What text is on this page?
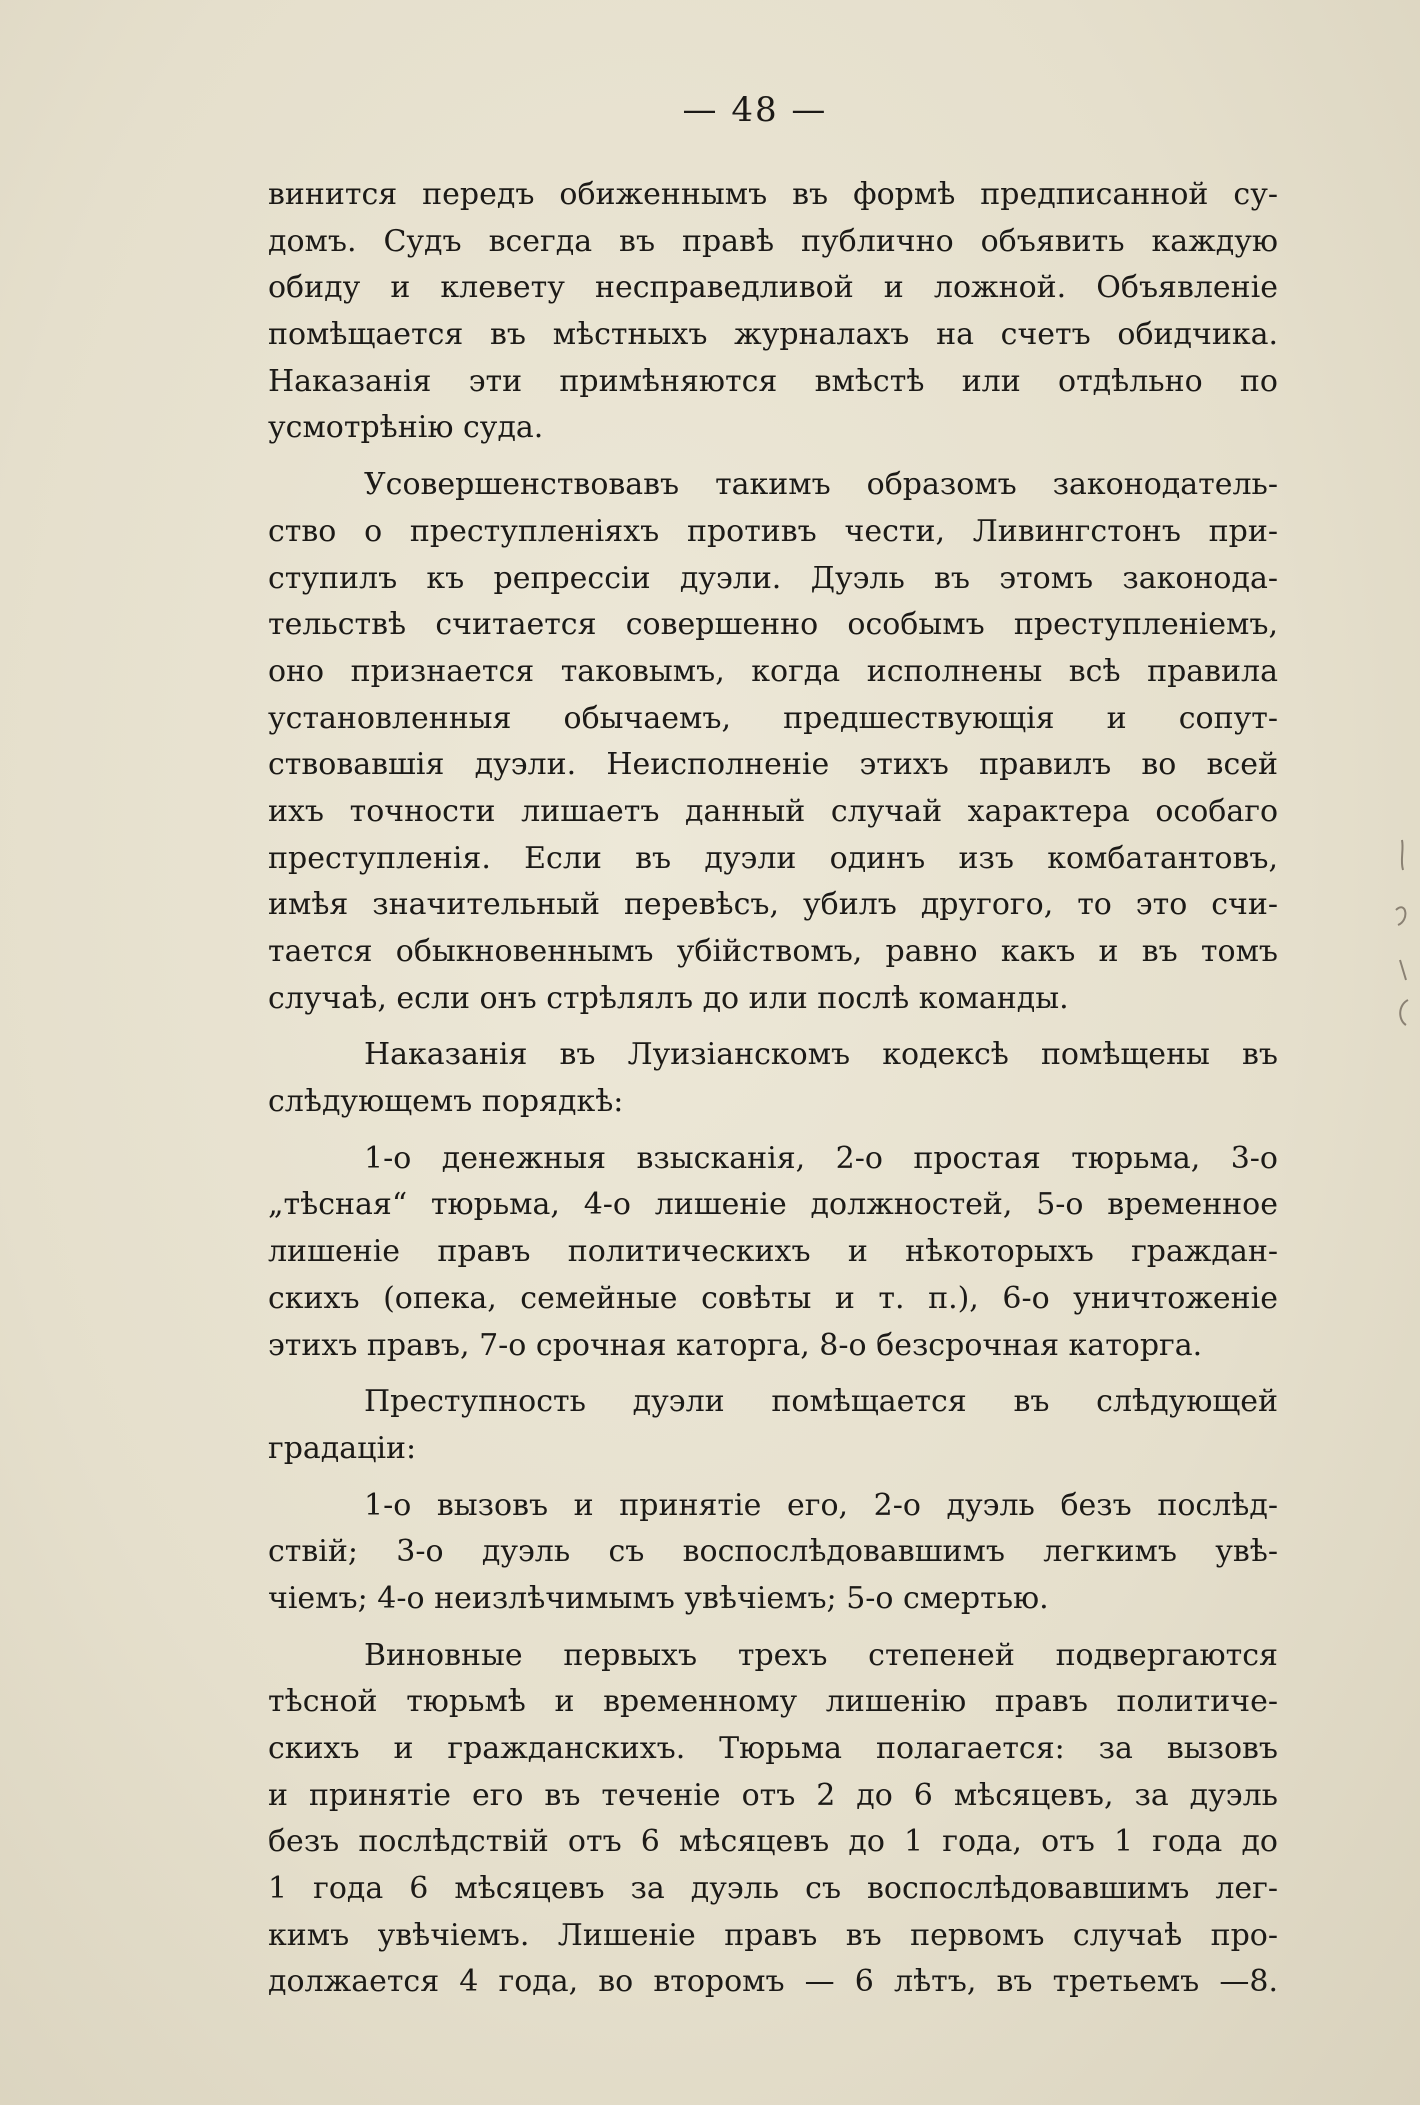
— 48 —
винится передъ обиженнымъ въ формѣ предписанной су-
домъ. Судъ всегда въ правѣ публично объявить каждую
обиду и клевету несправедливой и ложной. Объявленіе
помѣщается въ мѣстныхъ журналахъ на счетъ обидчика.
Наказанія эти примѣняются вмѣстѣ или отдѣльно по
усмотрѣнію суда.
Усовершенствовавъ такимъ образомъ законодатель-
ство о преступленіяхъ противъ чести, Ливингстонъ при-
ступилъ къ репрессіи дуэли. Дуэль въ этомъ законода-
тельствѣ считается совершенно особымъ преступленіемъ,
оно признается таковымъ, когда исполнены всѣ правила
установленныя обычаемъ, предшествующія и сопут-
ствовавшія дуэли. Неисполненіе этихъ правилъ во всей
ихъ точности лишаетъ данный случай характера особаго
преступленія. Если въ дуэли одинъ изъ комбатантовъ,
имѣя значительный перевѣсъ, убилъ другого, то это счи-
тается обыкновеннымъ убійствомъ, равно какъ и въ томъ
случаѣ, если онъ стрѣлялъ до или послѣ команды.
Наказанія въ Луизіанскомъ кодексѣ помѣщены въ
слѣдующемъ порядкѣ:
1-о денежныя взысканія, 2-о простая тюрьма, 3-о
„тѣсная“ тюрьма, 4-о лишеніе должностей, 5-о временное
лишеніе правъ политическихъ и нѣкоторыхъ граждан-
скихъ (опека, семейные совѣты и т. п.), 6-о уничтоженіе
этихъ правъ, 7-о срочная каторга, 8-о безсрочная каторга.
Преступность дуэли помѣщается въ слѣдующей
градаціи:
1-о вызовъ и принятіе его, 2-о дуэль безъ послѣд-
ствій; 3-о дуэль съ воспослѣдовавшимъ легкимъ увѣ-
чіемъ; 4-о неизлѣчимымъ увѣчіемъ; 5-о смертью.
Виновные первыхъ трехъ степеней подвергаются
тѣсной тюрьмѣ и временному лишенію правъ политиче-
скихъ и гражданскихъ. Тюрьма полагается: за вызовъ
и принятіе его въ теченіе отъ 2 до 6 мѣсяцевъ, за дуэль
безъ послѣдствій отъ 6 мѣсяцевъ до 1 года, отъ 1 года до
1 года 6 мѣсяцевъ за дуэль съ воспослѣдовавшимъ лег-
кимъ увѣчіемъ. Лишеніе правъ въ первомъ случаѣ про-
должается 4 года, во второмъ — 6 лѣтъ, въ третьемъ —8.
